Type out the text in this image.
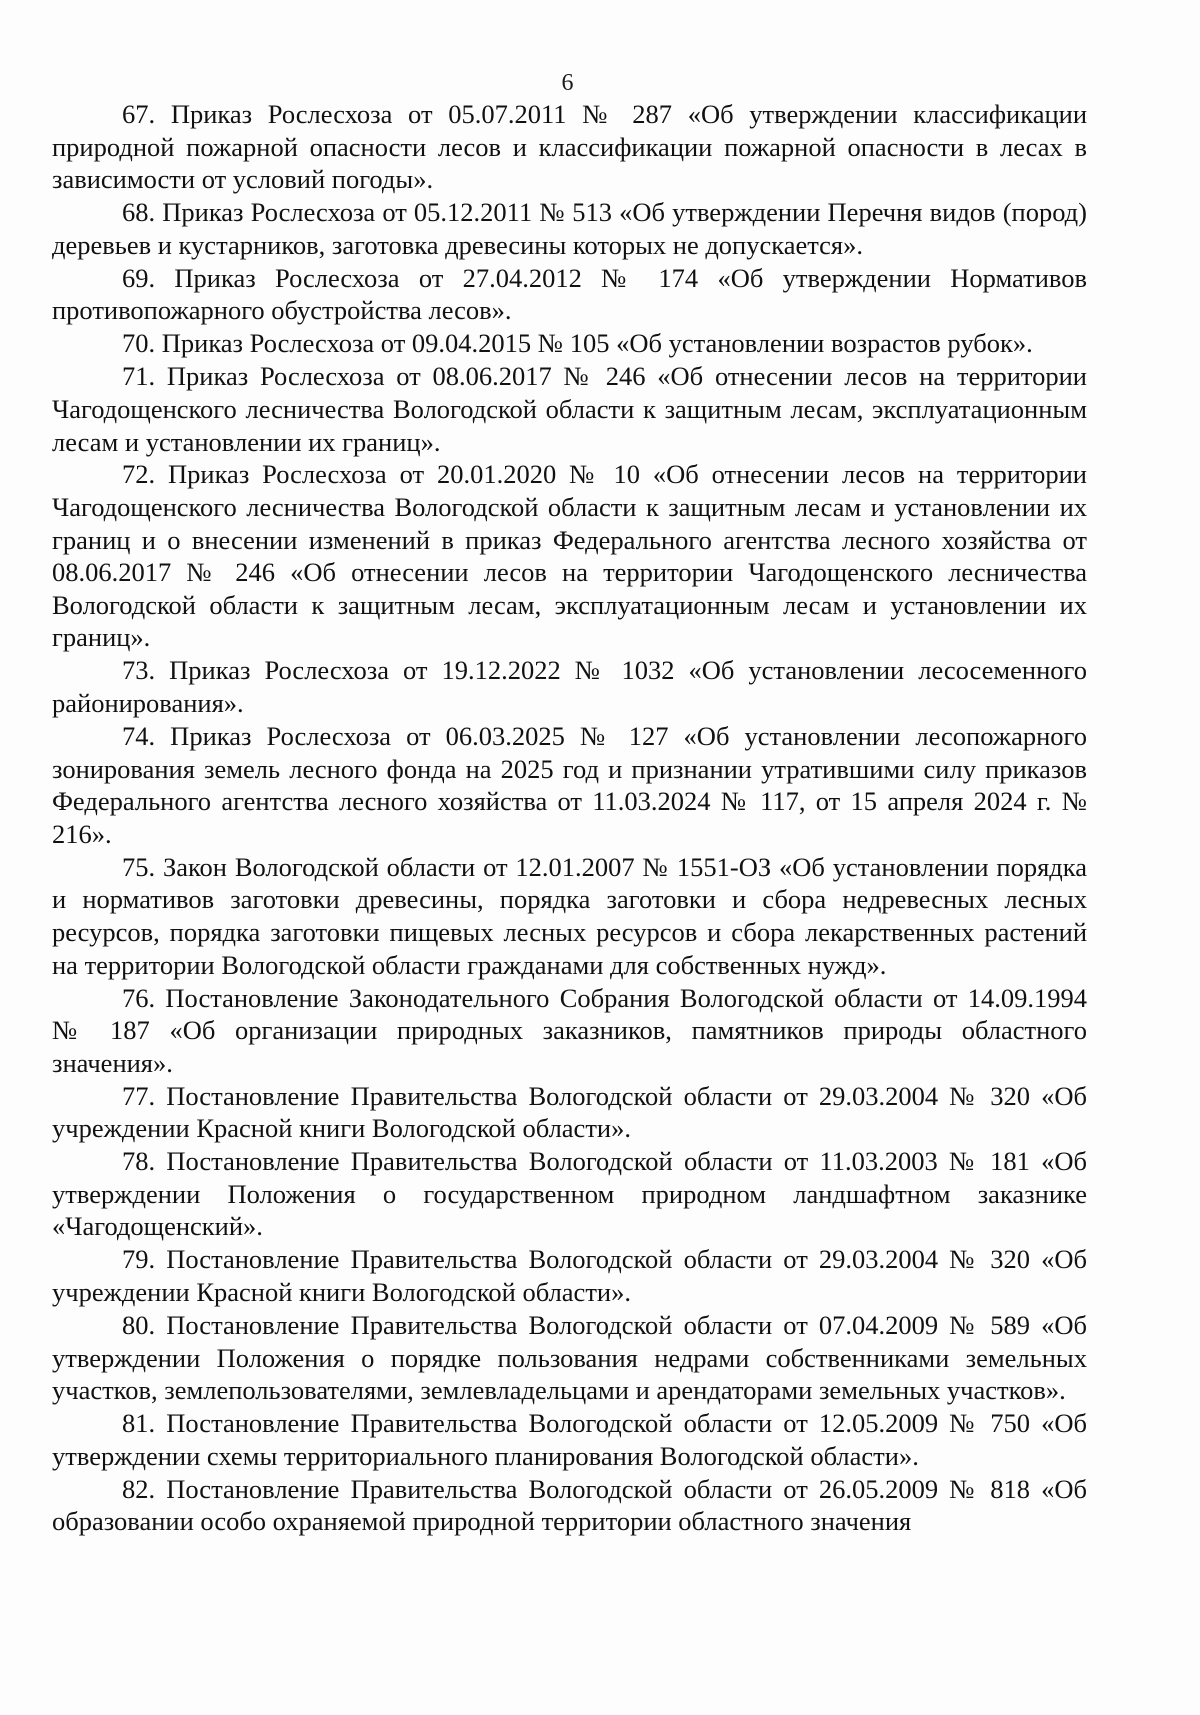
6

67. Приказ Рослесхоза от 05.07.2011 № 287 «Об утверждении классификации природной пожарной опасности лесов и классификации пожарной опасности в лесах в зависимости от условий погоды».

68. Приказ Рослесхоза от 05.12.2011 № 513 «Об утверждении Перечня видов (пород) деревьев и кустарников, заготовка древесины которых не допускается».

69. Приказ Рослесхоза от 27.04.2012 № 174 «Об утверждении Нормативов противопожарного обустройства лесов».

70. Приказ Рослесхоза от 09.04.2015 № 105 «Об установлении возрастов рубок».

71. Приказ Рослесхоза от 08.06.2017 № 246 «Об отнесении лесов на территории Чагодощенского лесничества Вологодской области к защитным лесам, эксплуатационным лесам и установлении их границ».

72. Приказ Рослесхоза от 20.01.2020 № 10 «Об отнесении лесов на территории Чагодощенского лесничества Вологодской области к защитным лесам и установлении их границ и о внесении изменений в приказ Федерального агентства лесного хозяйства от 08.06.2017 № 246 «Об отнесении лесов на территории Чагодощенского лесничества Вологодской области к защитным лесам, эксплуатационным лесам и установлении их границ».

73. Приказ Рослесхоза от 19.12.2022 № 1032 «Об установлении лесосеменного районирования».

74. Приказ Рослесхоза от 06.03.2025 № 127 «Об установлении лесопожарного зонирования земель лесного фонда на 2025 год и признании утратившими силу приказов Федерального агентства лесного хозяйства от 11.03.2024 № 117, от 15 апреля 2024 г. № 216».

75. Закон Вологодской области от 12.01.2007 № 1551-ОЗ «Об установлении порядка и нормативов заготовки древесины, порядка заготовки и сбора недревесных лесных ресурсов, порядка заготовки пищевых лесных ресурсов и сбора лекарственных растений на территории Вологодской области гражданами для собственных нужд».

76. Постановление Законодательного Собрания Вологодской области от 14.09.1994 № 187 «Об организации природных заказников, памятников природы областного значения».

77. Постановление Правительства Вологодской области от 29.03.2004 № 320 «Об учреждении Красной книги Вологодской области».

78. Постановление Правительства Вологодской области от 11.03.2003 № 181 «Об утверждении Положения о государственном природном ландшафтном заказнике «Чагодощенский».

79. Постановление Правительства Вологодской области от 29.03.2004 № 320 «Об учреждении Красной книги Вологодской области».

80. Постановление Правительства Вологодской области от 07.04.2009 № 589 «Об утверждении Положения о порядке пользования недрами собственниками земельных участков, землепользователями, землевладельцами и арендаторами земельных участков».

81. Постановление Правительства Вологодской области от 12.05.2009 № 750 «Об утверждении схемы территориального планирования Вологодской области».

82. Постановление Правительства Вологодской области от 26.05.2009 № 818 «Об образовании особо охраняемой природной территории областного значения
